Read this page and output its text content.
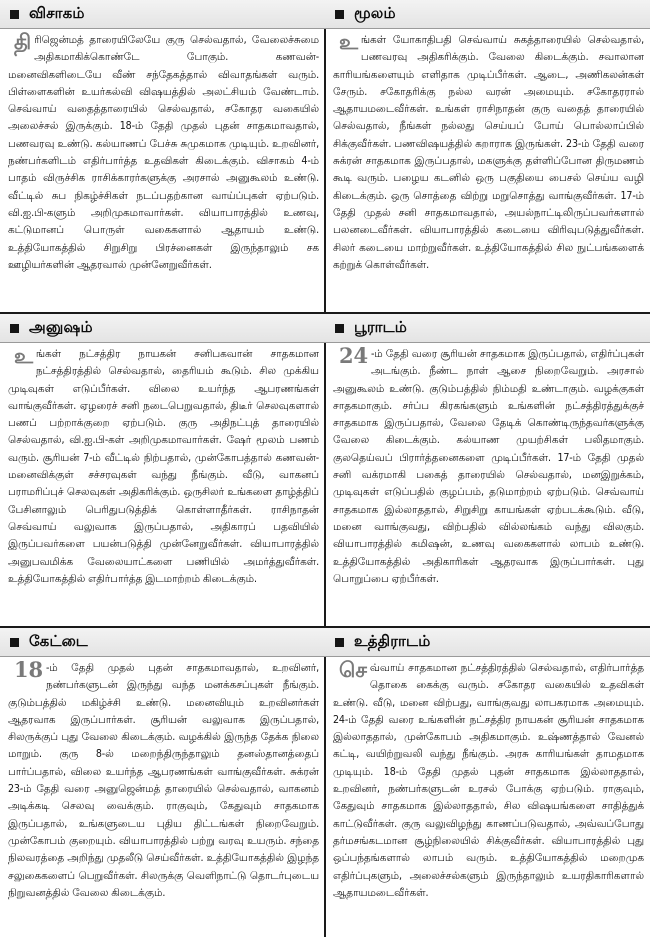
விசாகம்

திரிஜென்மத் தாரையிலேயே குரு செல்வதால், வேலைச்சுமை அதிகமாகிக்கொண்டே போகும். கணவன்-மனைவிகளிடையே வீண் சந்தேகத்தால் விவாதங்கள் வரும். பிள்ளைகளின் உயர்கல்வி விஷயத்தில் அலட்சியம் வேண்டாம். செவ்வாய் வதைத்தாரையில் செல்வதால், சகோதர வகையில் அலைச்சல் இருக்கும். 18-ம் தேதி முதல் புதன் சாதகமாவதால், பணவரவு உண்டு. கல்யாணப் பேச்சு சுமுகமாக முடியும். உறவினர், நண்பர்களிடம் எதிர்பார்த்த உதவிகள் கிடைக்கும். விசாகம் 4-ம் பாதம் விருச்சிக ராசிக்காரர்களுக்கு அரசால் அனுகூலம் உண்டு. வீட்டில் சுப நிகழ்ச்சிகள் நடப்பதற்கான வாய்ப்புகள் ஏற்படும். வி.ஐ.பி-களும் அறிமுகமாவார்கள். வியாபாரத்தில் உணவு, கட்டுமானப் பொருள் வகைகளால் ஆதாயம் உண்டு. உத்தியோகத்தில் சிறுசிறு பிரச்னைகள் இருந்தாலும் சக ஊழியர்களின் ஆதரவால் முன்னேறுவீர்கள்.

மூலம்

உங்கள் யோகாதிபதி செவ்வாய் சுகத்தாரையில் செல்வதால், பணவரவு அதிகரிக்கும். வேலை கிடைக்கும். சவாலான காரியங்களையும் எளிதாக முடிப்பீர்கள். ஆடை, அணிகலன்கள் சேரும். சகோதரிக்கு நல்ல வரன் அமையும். சகோதரரால் ஆதாயமடைவீர்கள். உங்கள் ராசிநாதன் குரு வதைத் தாரையில் செல்வதால், நீங்கள் நல்லது செய்யப் போய் பொல்லாப்பில் சிக்குவீர்கள். பணவிஷயத்தில் கறாராக இருங்கள். 23-ம் தேதி வரை சுக்ரன் சாதகமாக இருப்பதால், மகளுக்கு தள்ளிப்போன திருமணம் கூடி வரும். பழைய கடனில் ஒரு பகுதியை பைசல் செய்ய வழி கிடைக்கும். ஒரு சொத்தை விற்று மறுசொத்து வாங்குவீர்கள். 17-ம் தேதி முதல் சனி சாதகமாவதால், அயல்நாட்டிலிருப்பவர்களால் பலனடைவீர்கள். வியாபாரத்தில் கடையை விரிவுபடுத்துவீர்கள். சிலர் கடையை மாற்றுவீர்கள். உத்தியோகத்தில் சில நுட்பங்களைக் கற்றுக் கொள்வீர்கள்.

அனுஷம்

உங்கள் நட்சத்திர நாயகன் சனிபகவான் சாதகமான நட்சத்திரத்தில் செல்வதால், தைரியம் கூடும். சில முக்கிய முடிவுகள் எடுப்பீர்கள். விலை உயர்ந்த ஆபரணங்கள் வாங்குவீர்கள். ஏழரைச் சனி நடைபெறுவதால், திடீர் செலவுகளால் பணப் பற்றாக்குறை ஏற்படும். குரு அதிநட்புத் தாரையில் செல்வதால், வி.ஐ.பி-கள் அறிமுகமாவார்கள். ஷேர் மூலம் பணம் வரும். சூரியன் 7-ம் வீட்டில் நிற்பதால், முன்கோபத்தால் கணவன்-மனைவிக்குள் சச்சரவுகள் வந்து நீங்கும். வீடு, வாகனப் பராமரிப்புச் செலவுகள் அதிகரிக்கும். ஒருசிலர் உங்களை தாழ்த்திப் பேசினாலும் பெரிதுபடுத்திக் கொள்ளாதீர்கள். ராசிநாதன் செவ்வாய் வலுவாக இருப்பதால், அதிகாரப் பதவியில் இருப்பவர்களை பயன்படுத்தி முன்னேறுவீர்கள். வியாபாரத்தில் அனுபவமிக்க வேலையாட்களை பணியில் அமர்த்துவீர்கள். உத்தியோகத்தில் எதிர்பார்த்த இடமாற்றம் கிடைக்கும்.

பூராடம்

24 -ம் தேதி வரை சூரியன் சாதகமாக இருப்பதால், எதிர்ப்புகள் அடங்கும். நீண்ட நாள் ஆசை நிறைவேறும். அரசால் அனுகூலம் உண்டு. குடும்பத்தில் நிம்மதி உண்டாகும். வழக்குகள் சாதகமாகும். சர்ப்ப கிரகங்களும் உங்களின் நட்சத்திரத்துக்குச் சாதகமாக இருப்பதால், வேலை தேடிக் கொண்டிருந்தவர்களுக்கு வேலை கிடைக்கும். கல்யாண முயற்சிகள் பலிதமாகும். குலதெய்வப் பிரார்த்தனைகளை முடிப்பீர்கள். 17-ம் தேதி முதல் சனி வக்ரமாகி பகைத் தாரையில் செல்வதால், மனஇறுக்கம், முடிவுகள் எடுப்பதில் குழப்பம், தடுமாற்றம் ஏற்படும். செவ்வாய் சாதகமாக இல்லாததால், சிறுசிறு காயங்கள் ஏற்படக்கூடும். வீடு, மனை வாங்குவது, விற்பதில் வில்லங்கம் வந்து விலகும். வியாபாரத்தில் கமிஷன், உணவு வகைகளால் லாபம் உண்டு. உத்தியோகத்தில் அதிகாரிகள் ஆதரவாக இருப்பார்கள். புது பொறுப்பை ஏற்பீர்கள்.

கேட்டை

18 -ம் தேதி முதல் புதன் சாதகமாவதால், உறவினர், நண்பர்களுடன் இருந்து வந்த மனக்கசப்புகள் நீங்கும். குடும்பத்தில் மகிழ்ச்சி உண்டு. மனைவியும் உறவினர்கள் ஆதரவாக இருப்பார்கள். சூரியன் வலுவாக இருப்பதால், சிலருக்குப் புது வேலை கிடைக்கும். வழக்கில் இருந்த தேக்க நிலை மாறும். குரு 8-ல் மறைந்திருந்தாலும் தனஸ்தானத்தைப் பார்ப்பதால், விலை உயர்ந்த ஆபரணங்கள் வாங்குவீர்கள். சுக்ரன் 23-ம் தேதி வரை அனுஜென்மத் தாரையில் செல்வதால், வாகனம் அடிக்கடி செலவு வைக்கும். ராகுவும், கேதுவும் சாதகமாக இருப்பதால், உங்களுடைய புதிய திட்டங்கள் நிறைவேறும். முன்கோபம் குறையும். வியாபாரத்தில் பற்று வரவு உயரும். சந்தை நிலவரத்தை அறிந்து முதலீடு செய்வீர்கள். உத்தியோகத்தில் இழந்த சலுகைகளைப் பெறுவீர்கள். சிலருக்கு வெளிநாட்டு தொடர்புடைய நிறுவனத்தில் வேலை கிடைக்கும்.

உத்திராடம்

செவ்வாய் சாதகமான நட்சத்திரத்தில் செல்வதால், எதிர்பார்த்த தொகை கைக்கு வரும். சகோதர வகையில் உதவிகள் உண்டு. வீடு, மனை விற்பது, வாங்குவது லாபகரமாக அமையும். 24-ம் தேதி வரை உங்களின் நட்சத்திர நாயகன் சூரியன் சாதகமாக இல்லாததால், முன்கோபம் அதிகமாகும். உஷ்ணத்தால் வேனல் கட்டி, வயிற்றுவலி வந்து நீங்கும். அரசு காரியங்கள் தாமதமாக முடியும். 18-ம் தேதி முதல் புதன் சாதகமாக இல்லாததால், உறவினர், நண்பர்களுடன் உரசல் போக்கு ஏற்படும். ராகுவும், கேதுவும் சாதகமாக இல்லாததால், சில விஷயங்களை சாதித்துக் காட்டுவீர்கள். குரு வலுவிழந்து காணப்படுவதால், அவ்வப்போது தர்மசங்கடமான சூழ்நிலையில் சிக்குவீர்கள். வியாபாரத்தில் புது ஒப்பந்தங்களால் லாபம் வரும். உத்தியோகத்தில் மறைமுக எதிர்ப்புகளும், அலைச்சல்களும் இருந்தாலும் உயரதிகாரிகளால் ஆதாயமடைவீர்கள்.
